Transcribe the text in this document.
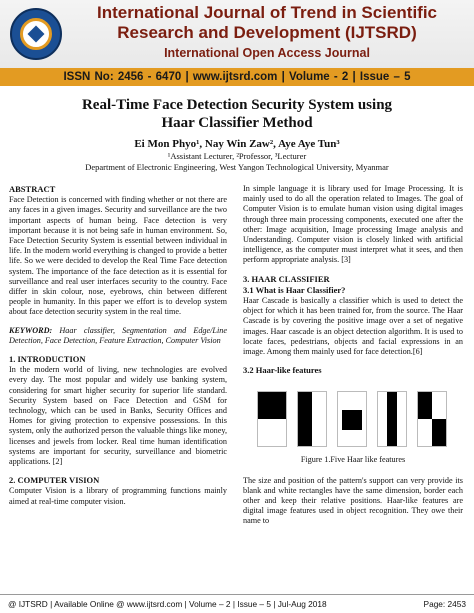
International Journal of Trend in Scientific
Research and Development (IJTSRD)
International Open Access Journal
ISSN No: 2456 - 6470 | www.ijtsrd.com | Volume - 2 | Issue – 5
Real-Time Face Detection Security System using
Haar Classifier Method
Ei Mon Phyo¹, Nay Win Zaw², Aye Aye Tun³
¹Assistant Lecturer, ²Professor, ³Lecturer
Department of Electronic Engineering, West Yangon Technological University, Myanmar
ABSTRACT
Face Detection is concerned with finding whether or not there are any faces in a given images. Security and surveillance are the two important aspects of human being. Face detection is very important because it is not being safe in human environment. So, Face Detection Security System is essential between individual in life. In the modern world everything is changed to provide a better life. So we were decided to develop the Real Time Face detection system. The importance of the face detection as it is essential for surveillance and real user interfaces security to the country. Face differ in skin colour, nose, eyebrows, chin between different people in humanity. In this paper we effort is to develop system about face detection security system in the real time.
KEYWORD: Haar classifier, Segmentation and Edge/Line Detection, Face Detection, Feature Extraction, Computer Vision
1. INTRODUCTION
In the modern world of living, new technologies are evolved every day. The most popular and widely use banking system, considering for smart higher security for superior life standard. Security System based on Face Detection and GSM for technology, which can be used in Banks, Security Offices and Homes for giving protection to expensive possessions. In this system, only the authorized person the valuable things like money, licenses and jewels from locker. Real time human identification systems are important for security, surveillance and biometric applications. [2]
2. COMPUTER VISION
Computer Vision is a library of programming functions mainly aimed at real-time computer vision.
In simple language it is library used for Image Processing. It is mainly used to do all the operation related to Images. The goal of Computer Vision is to emulate human vision using digital images through three main processing components, executed one after the other: Image acquisition, Image processing Image analysis and Understanding. Computer vision is closely linked with artificial intelligence, as the computer must interpret what it sees, and then perform appropriate analysis. [3]
3. HAAR CLASSIFIER
3.1 What is Haar Classifier?
Haar Cascade is basically a classifier which is used to detect the object for which it has been trained for, from the source. The Haar Cascade is by covering the positive image over a set of negative images. Haar cascade is an object detection algorithm. It is used to locate faces, pedestrians, objects and facial expressions in an image. Among them mainly used for face detection.[6]
3.2 Haar-like features
Figure 1.Five Haar like features
The size and position of the pattern's support can very provide its blank and white rectangles have the same dimension, border each other and keep their relative positions. Haar-like features are digital image features used in object recognition. They owe their name to
@ IJTSRD | Available Online @ www.ijtsrd.com | Volume – 2 | Issue – 5 | Jul-Aug 2018	Page: 2453
